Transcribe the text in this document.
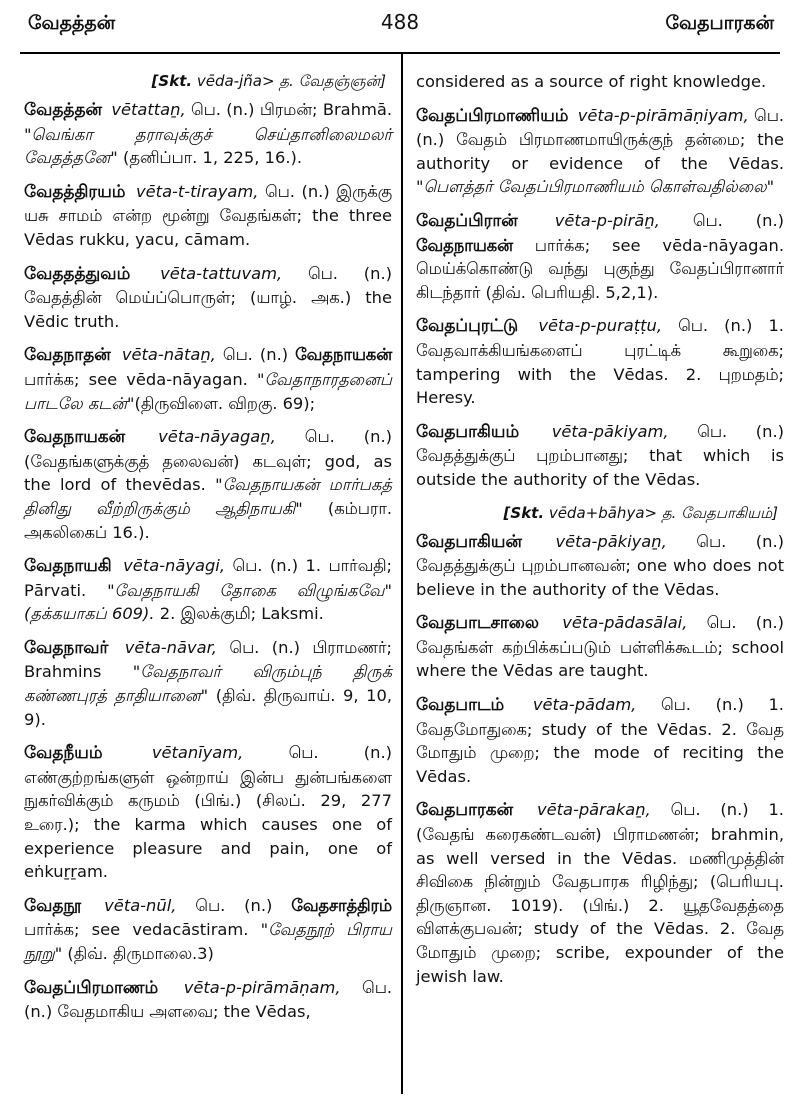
வேதத்தன்	488	வேதபாரகன்

[Skt. vēda-jña> த. வேதஞ்ஞன்]

வேதத்தன் vētattaṉ, பெ. (n.) பிரமன்; Brahmā. "வெங்கா தராவுக்குச் செய்தானிலைமலர் வேதத்தனே" (தனிப்பா. 1, 225, 16.).

வேதத்திரயம் vēta-t-tirayam, பெ. (n.) இருக்கு யசு சாமம் என்ற மூன்று வேதங்கள்; the three Vēdas rukku, yacu, cāmam.

வேததத்துவம் vēta-tattuvam, பெ. (n.) வேதத்தின் மெய்ப்பொருள்; (யாழ். அக.) the Vēdic truth.

வேதநாதன் vēta-nātaṉ, பெ. (n.) வேதநாயகன் பார்க்க; see vēda-nāyagan. "வேதாநாரதனைப் பாடலே கடன்"(திருவிளை. விறகு. 69);

வேதநாயகன் vēta-nāyagaṉ, பெ. (n.) (வேதங்களுக்குத் தலைவன்) கடவுள்; god, as the lord of thevēdas. "வேதநாயகன் மார்பகத் தினிது வீற்றிருக்கும் ஆதிநாயகி" (கம்பரா. அகலிகைப் 16.).

வேதநாயகி vēta-nāyagi, பெ. (n.) 1. பார்வதி; Pārvati. "வேதநாயகி தோகை விழுங்கவே" (தக்கயாகப் 609). 2. இலக்குமி; Laksmi.

வேதநாவர் vēta-nāvar, பெ. (n.) பிராமணர்; Brahmins "வேதநாவர் விரும்புந் திருக் கண்ணபுரத் தாதியானை" (திவ். திருவாய். 9, 10, 9).

வேதநீயம்	vētanīyam, பெ. (n.) எண்குற்றங்களுள் ஒன்றாய் இன்ப துன்பங்களை நுகர்விக்கும் கருமம் (பிங்.) (சிலப். 29, 277 உரை.); the karma which causes one of experience pleasure and pain, one of eṅkuṟṟam.

வேதநூ vēta-nūl, பெ. (n.) வேதசாத்திரம் பார்க்க; see vedacāstiram. "வேதநூற் பிராய நூறு" (திவ். திருமாலை.3)

வேதப்பிரமாணம் vēta-p-pirāmāṇam, பெ. (n.) வேதமாகிய அளவை; the Vēdas,

considered as a source of right knowledge.

வேதப்பிரமாணியம் vēta-p-pirāmāṇiyam, பெ. (n.) வேதம் பிரமாணமாயிருக்குந் தன்மை; the authority or evidence of the Vēdas. "பௌத்தர் வேதப்பிரமாணியம் கொள்வதில்லை"

வேதப்பிரான் vēta-p-pirāṉ, பெ. (n.) வேதநாயகன் பார்க்க; see vēda-nāyagan. மெய்க்கொண்டு வந்து புகுந்து வேதப்பிரானார் கிடந்தார் (திவ். பெரியதி. 5,2,1).

வேதப்புரட்டு vēta-p-puraṭṭu, பெ. (n.) 1. வேதவாக்கியங்களைப் புரட்டிக் கூறுகை; tampering with the Vēdas. 2. புறமதம்; Heresy.

வேதபாகியம் vēta-pākiyam, பெ. (n.) வேதத்துக்குப் புறம்பானது; that which is outside the authority of the Vēdas.

[Skt. vēda+bāhya> த. வேதபாகியம்]

வேதபாகியன் vēta-pākiyaṉ, பெ. (n.) வேதத்துக்குப் புறம்பானவன்; one who does not believe in the authority of the Vēdas.

வேதபாடசாலை vēta-pādasālai, பெ. (n.) வேதங்கள் கற்பிக்கப்படும் பள்ளிக்கூடம்; school where the Vēdas are taught.

வேதபாடம் vēta-pādam, பெ. (n.) 1. வேதமோதுகை; study of the Vēdas. 2. வேத மோதும் முறை; the mode of reciting the Vēdas.

வேதபாரகன் vēta-pārakaṉ, பெ. (n.) 1. (வேதங் கரைகண்டவன்) பிராமணன்; brahmin, as well versed in the Vēdas. மணிமுத்தின் சிவிகை நின்றும் வேதபாரக ரிழிந்து; (பெரியபு. திருஞான. 1019). (பிங்.) 2. யூதவேதத்தை விளக்குபவன்; study of the Vēdas. 2. வேத மோதும் முறை; scribe, expounder of the jewish law.
